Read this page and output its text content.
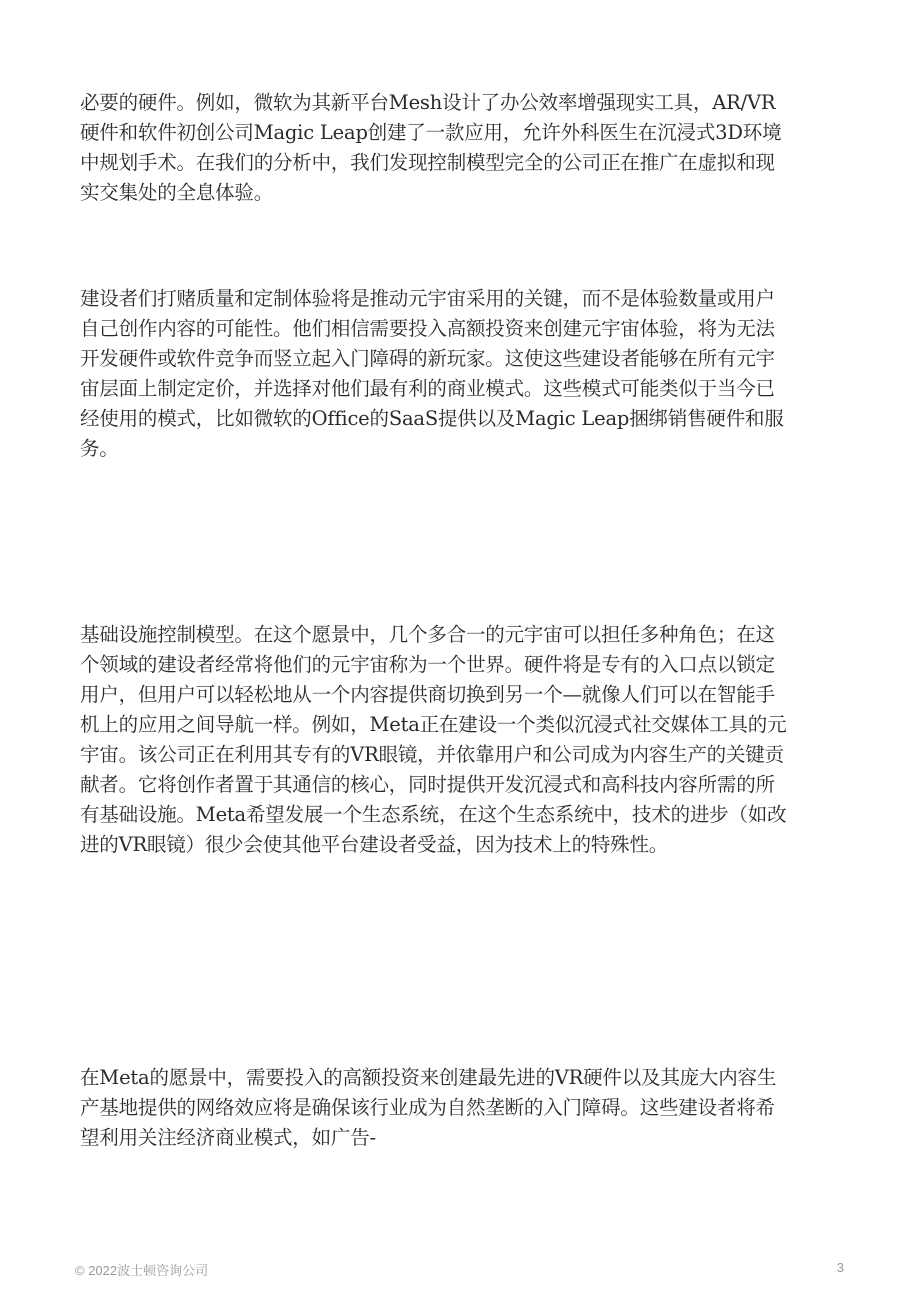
必要的硬件。例如，微软为其新平台Mesh设计了办公效率增强现实工具，AR/VR
硬件和软件初创公司Magic Leap创建了一款应用，允许外科医生在沉浸式3D环境
中规划手术。在我们的分析中，我们发现控制模型完全的公司正在推广在虚拟和现
实交集处的全息体验。

建设者们打赌质量和定制体验将是推动元宇宙采用的关键，而不是体验数量或用户
自己创作内容的可能性。他们相信需要投入高额投资来创建元宇宙体验，将为无法
开发硬件或软件竞争而竖立起入门障碍的新玩家。这使这些建设者能够在所有元宇
宙层面上制定定价，并选择对他们最有利的商业模式。这些模式可能类似于当今已
经使用的模式，比如微软的Office的SaaS提供以及Magic Leap捆绑销售硬件和服
务。

基础设施控制模型。在这个愿景中，几个多合一的元宇宙可以担任多种角色；在这
个领域的建设者经常将他们的元宇宙称为一个世界。硬件将是专有的入口点以锁定
用户，但用户可以轻松地从一个内容提供商切换到另一个—就像人们可以在智能手
机上的应用之间导航一样。例如，Meta正在建设一个类似沉浸式社交媒体工具的元
宇宙。该公司正在利用其专有的VR眼镜，并依靠用户和公司成为内容生产的关键贡
献者。它将创作者置于其通信的核心，同时提供开发沉浸式和高科技内容所需的所
有基础设施。Meta希望发展一个生态系统，在这个生态系统中，技术的进步（如改
进的VR眼镜）很少会使其他平台建设者受益，因为技术上的特殊性。

在Meta的愿景中，需要投入的高额投资来创建最先进的VR硬件以及其庞大内容生
产基地提供的网络效应将是确保该行业成为自然垄断的入门障碍。这些建设者将希
望利用关注经济商业模式，如广告-

© 2022波士顿咨询公司	3
